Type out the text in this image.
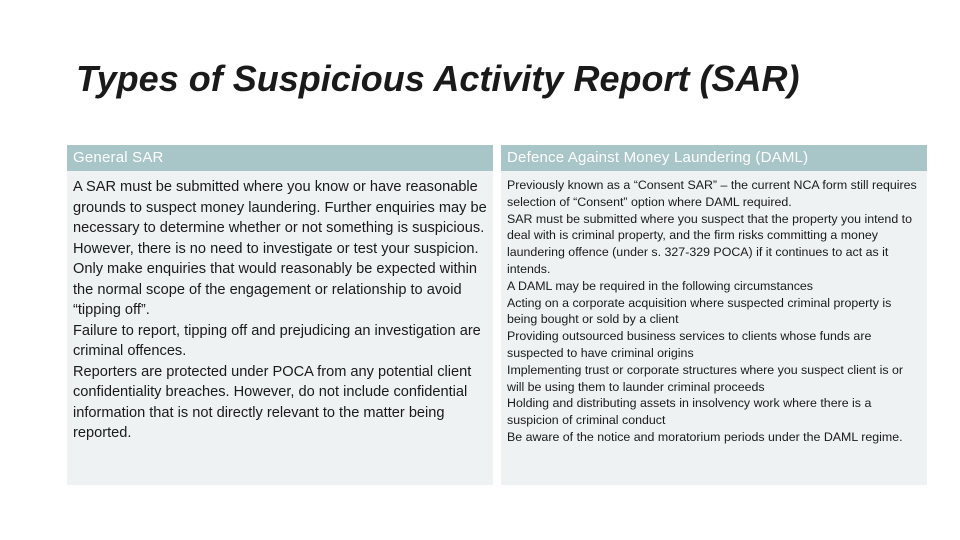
Types of Suspicious Activity Report (SAR)
General SAR	Defence Against Money Laundering (DAML)

A SAR must be submitted where you know or have reasonable grounds to suspect money laundering. Further enquiries may be necessary to determine whether or not something is suspicious. However, there is no need to investigate or test your suspicion. Only make enquiries that would reasonably be expected within the normal scope of the engagement or relationship to avoid “tipping off”.

Failure to report, tipping off and prejudicing an investigation are criminal offences.

Reporters are protected under POCA from any potential client confidentiality breaches. However, do not include confidential information that is not directly relevant to the matter being reported.

Previously known as a “Consent SAR” – the current NCA form still requires selection of “Consent” option where DAML required.

SAR must be submitted where you suspect that the property you intend to deal with is criminal property, and the firm risks committing a money laundering offence (under s. 327-329 POCA) if it continues to act as it intends.

A DAML may be required in the following circumstances

Acting on a corporate acquisition where suspected criminal property is being bought or sold by a client

Providing outsourced business services to clients whose funds are suspected to have criminal origins

Implementing trust or corporate structures where you suspect client is or will be using them to launder criminal proceeds

Holding and distributing assets in insolvency work where there is a suspicion of criminal conduct

Be aware of the notice and moratorium periods under the DAML regime.
